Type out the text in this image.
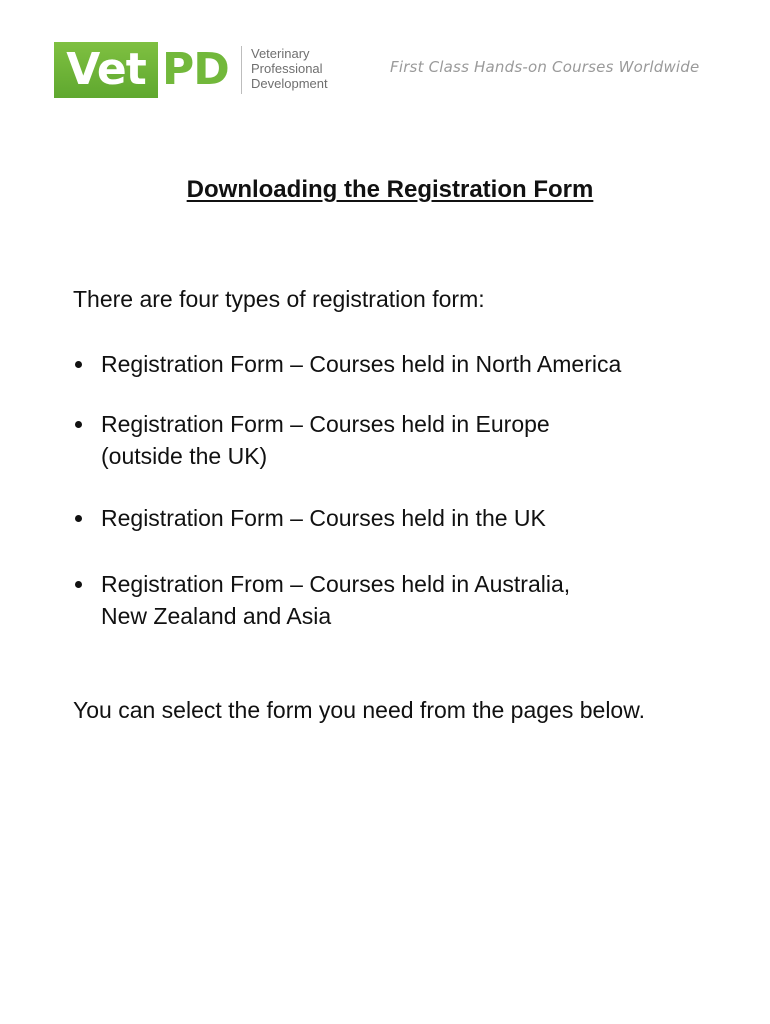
Vet PD Veterinary
Professional
Development
First Class Hands-on Courses Worldwide
Downloading the Registration Form
There are four types of registration form:
Registration Form – Courses held in North America
Registration Form – Courses held in Europe
(outside the UK)
Registration Form – Courses held in the UK
Registration From – Courses held in Australia,
New Zealand and Asia
You can select the form you need from the pages below.
